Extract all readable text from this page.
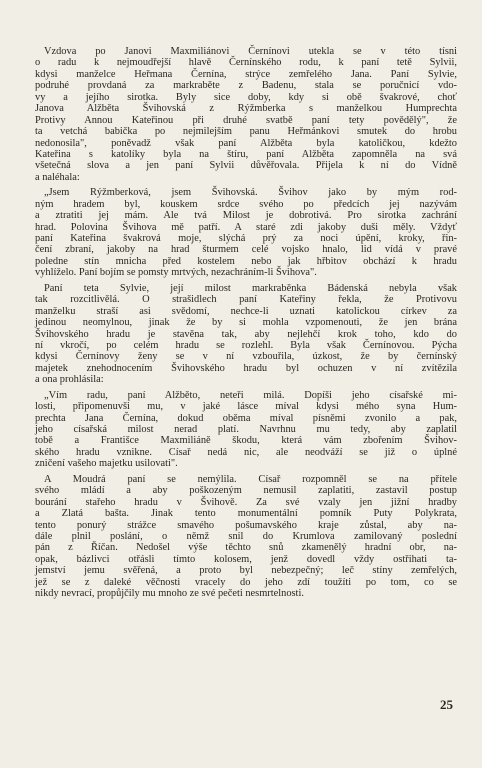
Vzdova po Janovi Maxmiliánovi Černínovi utekla se v této tísni
o radu k nejmoudřejší hlavě Černínského rodu, k paní tetě Sylvii,
kdysi manželce Heřmana Černína, strýce zemřelého Jana. Paní Sylvie,
podruhé provdaná za markraběte z Badenu, stala se poručnicí vdo-
vy a jejího sirotka. Byly sice doby, kdy si obě švakrové, choť
Janova Alžběta Švihovská z Rýžmberka s manželkou Humprechta
Protivy Annou Kateřinou při druhé svatbě paní tety povědělý", že
ta vetchá babička po nejmilejším panu Heřmánkovi smutek do hrobu
nedonosila", poněvadž však paní Alžběta byla katoličkou, kdežto
Kateřina s katolíky byla na štíru, paní Alžběta zapomněla na svá
všetečná slova a jen paní Sylvii důvěřovala. Přijela k ní do Vídně
a naléhala:
„Jsem Rýžmberková, jsem Švihovská. Švihov jako by mým rod-
ným hradem byl, kouskem srdce svého po předcích jej nazývám
a ztratiti jej mám. Ale tvá Milost je dobrotivá. Pro sirotka zachrání
hrad. Polovina Švihova mě patří. A staré zdi jakoby duši měly. Vždyť
paní Kateřina švakrová moje, slýchá prý za noci úpění, kroky, řin-
čení zbraní, jakoby na hrad šturmem celé vojsko hnalo, lid vídá v pravé
poledne stín mnicha před kostelem nebo jak hřbitov obchází k hradu
vyhlíželo. Paní bojím se pomsty mrtvých, nezachráním-li Švihova".
Paní teta Sylvie, její milost markraběnka Bádenská nebyla však
tak rozcitlivělá. O strašidlech paní Kateřiny řekla, že Protivovu
manželku straší asi svědomí, nechce-li uznati katolickou církev za
jedinou neomylnou, jinak že by si mohla vzpomenouti, že jen brána
Švihovského hradu je stavěna tak, aby nejlehčí krok toho, kdo do
ní vkročí, po celém hradu se rozlehl. Byla však Černínovou. Pýcha
kdysi Černínovy ženy se v ní vzbouřila, úzkost, že by černínský
majetek znehodnocením Švihovského hradu byl ochuzen v ní zvítězila
a ona prohlásila:
„Vím radu, paní Alžběto, neteři milá. Dopíši jeho císařské mi-
losti, připomenuvši mu, v jaké lásce míval kdysi mého syna Hum-
prechta Jana Černína, dokud oběma míval písněmi zvonilo a pak,
jeho císařská milost nerad platí. Navrhnu mu tedy, aby zaplatil
tobě a Františce Maxmiliáně škodu, která vám zbořením Švihov-
ského hradu vznikne. Císař nedá nic, ale neodváží se již o úplné
zničení vašeho majetku usilovati".
A Moudrá paní se nemýlila. Císař rozpomněl se na přítele
svého mládí a aby poškozeným nemusil zaplatiti, zastavil postup
bourání stařeho hradu v Švihově. Za své vzaly jen jižní hradby
a Zlatá bašta. Jinak tento monumentální pomník Puty Polykrata,
tento ponurý strážce smavého pošumavského kraje zůstal, aby na-
dále plnil poslání, o němž snil do Krumlova zamilovaný poslední
pán z Říčan. Nedošel výše těchto snů zkamenělý hradní obr, na-
opak, bázlivci otřásli tímto kolosem, jenž dovedl vždy ostřihati ta-
jemství jemu svěřená, a proto byl nebezpečný; leč stíny zemřelých,
jež se z daleké věčnosti vracely do jeho zdí toužíti po tom, co se
nikdy nevrací, propůjčily mu mnoho ze své pečeti nesmrtelnosti.
25
